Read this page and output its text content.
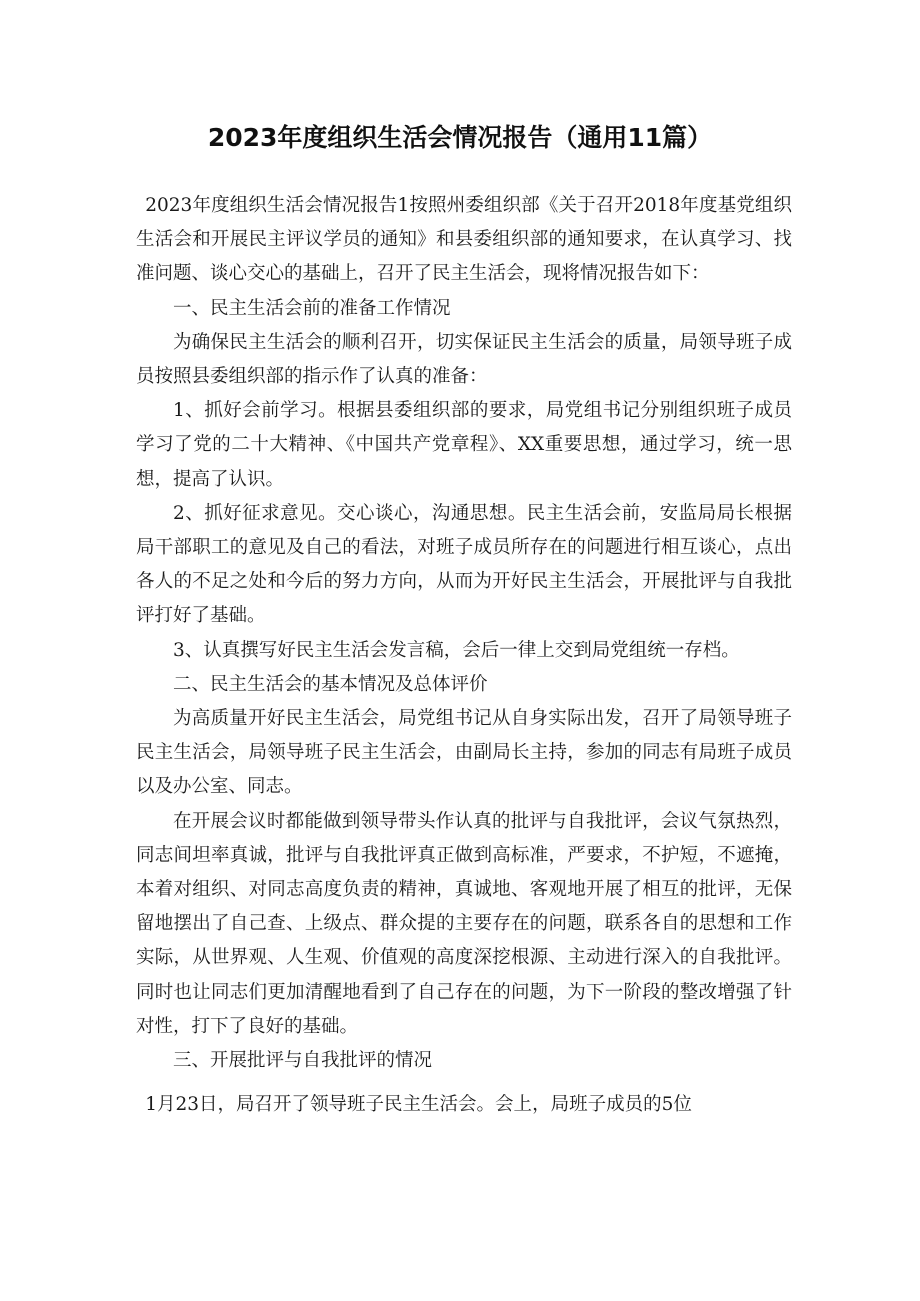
2023年度组织生活会情况报告（通用11篇）

2023年度组织生活会情况报告1按照州委组织部《关于召开2018年度基党组织生活会和开展民主评议学员的通知》和县委组织部的通知要求，在认真学习、找准问题、谈心交心的基础上，召开了民主生活会，现将情况报告如下：

一、民主生活会前的准备工作情况

为确保民主生活会的顺利召开，切实保证民主生活会的质量，局领导班子成员按照县委组织部的指示作了认真的准备：

1、抓好会前学习。根据县委组织部的要求，局党组书记分别组织班子成员学习了党的二十大精神、《中国共产党章程》、XX重要思想，通过学习，统一思想，提高了认识。

2、抓好征求意见。交心谈心，沟通思想。民主生活会前，安监局局长根据局干部职工的意见及自己的看法，对班子成员所存在的问题进行相互谈心，点出各人的不足之处和今后的努力方向，从而为开好民主生活会，开展批评与自我批评打好了基础。

3、认真撰写好民主生活会发言稿，会后一律上交到局党组统一存档。

二、民主生活会的基本情况及总体评价

为高质量开好民主生活会，局党组书记从自身实际出发，召开了局领导班子民主生活会，局领导班子民主生活会，由副局长主持，参加的同志有局班子成员以及办公室、同志。

在开展会议时都能做到领导带头作认真的批评与自我批评，会议气氛热烈，同志间坦率真诚，批评与自我批评真正做到高标准，严要求，不护短，不遮掩，本着对组织、对同志高度负责的精神，真诚地、客观地开展了相互的批评，无保留地摆出了自己查、上级点、群众提的主要存在的问题，联系各自的思想和工作实际，从世界观、人生观、价值观的高度深挖根源、主动进行深入的自我批评。同时也让同志们更加清醒地看到了自己存在的问题，为下一阶段的整改增强了针对性，打下了良好的基础。

三、开展批评与自我批评的情况

1月23日，局召开了领导班子民主生活会。会上，局班子成员的5位
